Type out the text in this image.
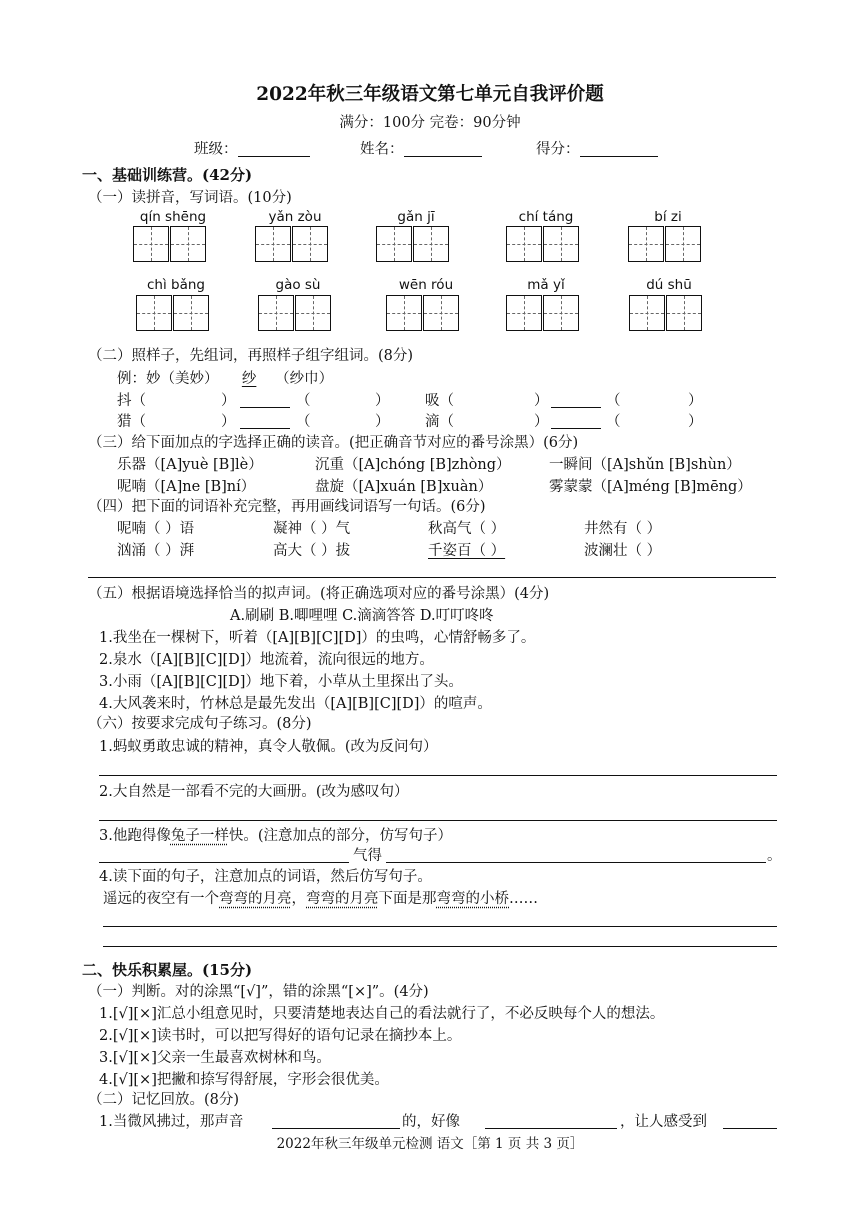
2022年秋三年级语文第七单元自我评价题
满分：100分 完卷：90分钟
班级：	姓名：	得分：
一、基础训练营。(42分)
（一）读拼音，写词语。(10分)
qín shēng	yǎn zòu	gǎn jī	chí táng	bí zi
chì bǎng	gào sù	wēn róu	mǎ yǐ	dú shū
（二）照样子，先组词，再照样子组字组词。(8分)
例：妙（美妙） 纱 （纱巾）
抖（	）	（	） 吸（	）	（	）
猎（	）	（	） 滴（	）	（	）
（三）给下面加点的字选择正确的读音。(把正确音节对应的番号涂黑）(6分)
乐器（[A]yuè [B]lè）	沉重（[A]chóng [B]zhòng）	一瞬间（[A]shǔn [B]shùn）
呢喃（[A]ne [B]ní）	盘旋（[A]xuán [B]xuàn）	雾蒙蒙（[A]méng [B]mēng）
（四）把下面的词语补充完整，再用画线词语写一句话。(6分)
呢喃（ ）语	凝神（ ）气	秋高气（ ）	井然有（ ）
汹涌（ ）湃	高大（ ）拔	千姿百（ ）	波澜壮（ ）
（五）根据语境选择恰当的拟声词。(将正确选项对应的番号涂黑）(4分)
A.刷刷 B.唧哩哩 C.滴滴答答 D.叮叮咚咚
1.我坐在一棵树下，听着（[A][B][C][D]）的虫鸣，心情舒畅多了。
2.泉水（[A][B][C][D]）地流着，流向很远的地方。
3.小雨（[A][B][C][D]）地下着，小草从土里探出了头。
4.大风袭来时，竹林总是最先发出（[A][B][C][D]）的喧声。
（六）按要求完成句子练习。(8分)
1.蚂蚁勇敢忠诚的精神，真令人敬佩。(改为反问句）
2.大自然是一部看不完的大画册。(改为感叹句）
3.他跑得像兔子一样快。(注意加点的部分，仿写句子）
气得	。
4.读下面的句子，注意加点的词语，然后仿写句子。
遥远的夜空有一个弯弯的月亮，弯弯的月亮下面是那弯弯的小桥……
二、快乐积累屋。(15分)
（一）判断。对的涂黑“[√]”，错的涂黑“[×]”。(4分)
1.[√][×]汇总小组意见时，只要清楚地表达自己的看法就行了，不必反映每个人的想法。
2.[√][×]读书时，可以把写得好的语句记录在摘抄本上。
3.[√][×]父亲一生最喜欢树林和鸟。
4.[√][×]把撇和捺写得舒展，字形会很优美。
（二）记忆回放。(8分)
1.当微风拂过，那声音	的，好像	，让人感受到
2022年秋三年级单元检测 语文［第 1 页 共 3 页］
